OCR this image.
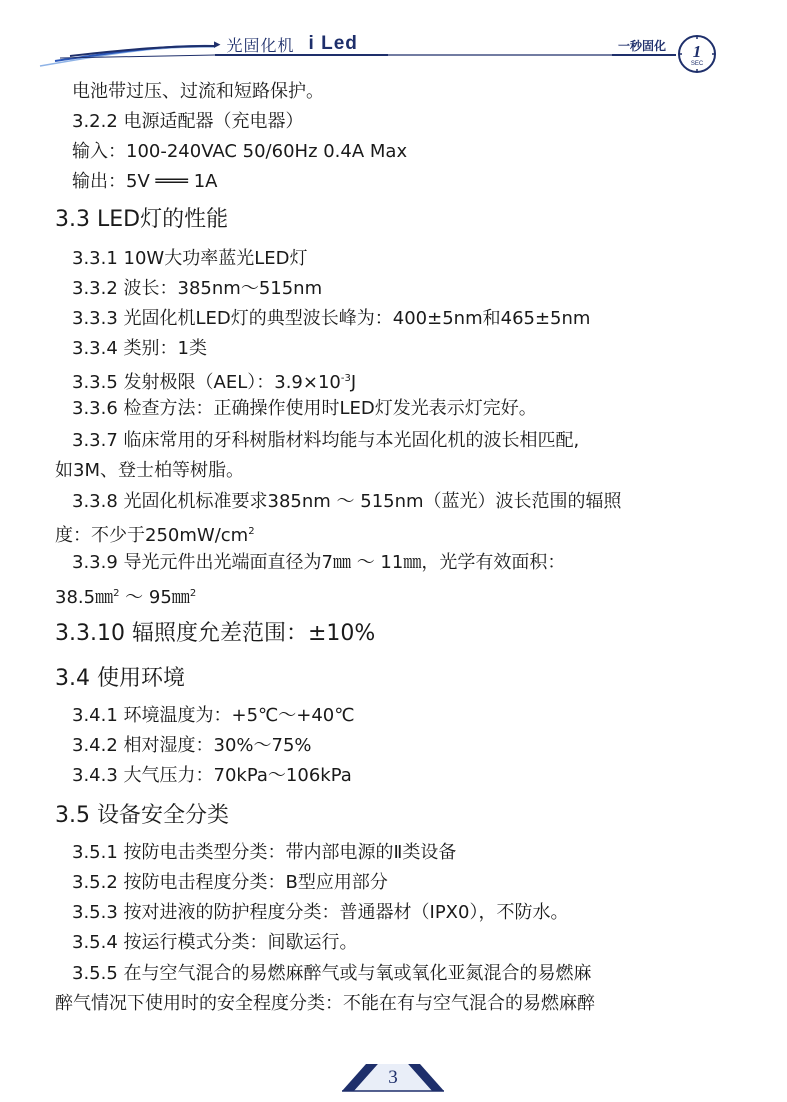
▸ 光固化机 i Led	一秒固化 1
SEC
电池带过压、过流和短路保护。
3.2.2 电源适配器（充电器）
输入：100-240VAC 50/60Hz 0.4A Max
输出：5V ═══ 1A
3.3 LED灯的性能
3.3.1 10W大功率蓝光LED灯
3.3.2 波长：385nm～515nm
3.3.3 光固化机LED灯的典型波长峰为：400±5nm和465±5nm
3.3.4 类别：1类
3.3.5 发射极限（AEL）：$3.9\times 10^{-3}J$
3.3.6 检查方法：正确操作使用时LED灯发光表示灯完好。
3.3.7 临床常用的牙科树脂材料均能与本光固化机的波长相匹配,
如3M、登士柏等树脂。
3.3.8 光固化机标准要求385nm ～ 515nm（蓝光）波长范围的辐照
度：不少于$250mW/cm^2$
3.3.9 导光元件出光端面直径为7㎜ ～ 11㎜，光学有效面积：
38.5㎜$^2$ ～ 95㎜$^2$
3.3.10 辐照度允差范围：±10%
3.4 使用环境
3.4.1 环境温度为：+5℃～+40℃
3.4.2 相对湿度：30%～75%
3.4.3 大气压力：70kPa～106kPa
3.5 设备安全分类
3.5.1 按防电击类型分类：带内部电源的Ⅱ类设备
3.5.2 按防电击程度分类：B型应用部分
3.5.3 按对进液的防护程度分类：普通器材（IPX0），不防水。
3.5.4 按运行模式分类：间歇运行。
3.5.5 在与空气混合的易燃麻醉气或与氧或氧化亚氮混合的易燃麻
醉气情况下使用时的安全程度分类：不能在有与空气混合的易燃麻醉
3
